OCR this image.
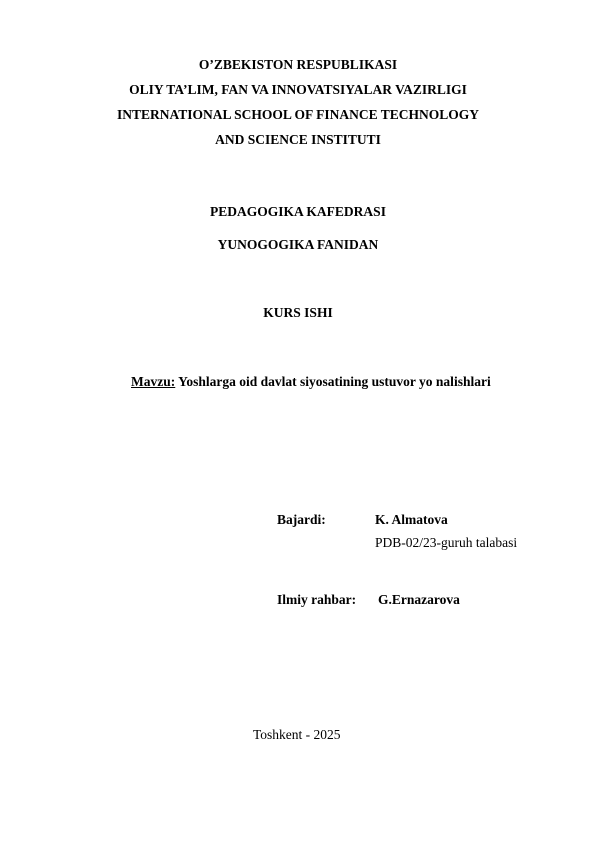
O’ZBEKISTON RESPUBLIKASI
OLIY TA’LIM, FAN VA INNOVATSIYALAR VAZIRLIGI
INTERNATIONAL SCHOOL OF FINANCE TECHNOLOGY
AND SCIENCE INSTITUTI
PEDAGOGIKA KAFEDRASI
YUNOGOGIKA FANIDAN
KURS ISHI
Mavzu: Yoshlarga oid davlat siyosatining ustuvor yo nalishlari
Bajardi:	K. Almatova
PDB-02/23-guruh talabasi
Ilmiy rahbar: G.Ernazarova
Toshkent - 2025
